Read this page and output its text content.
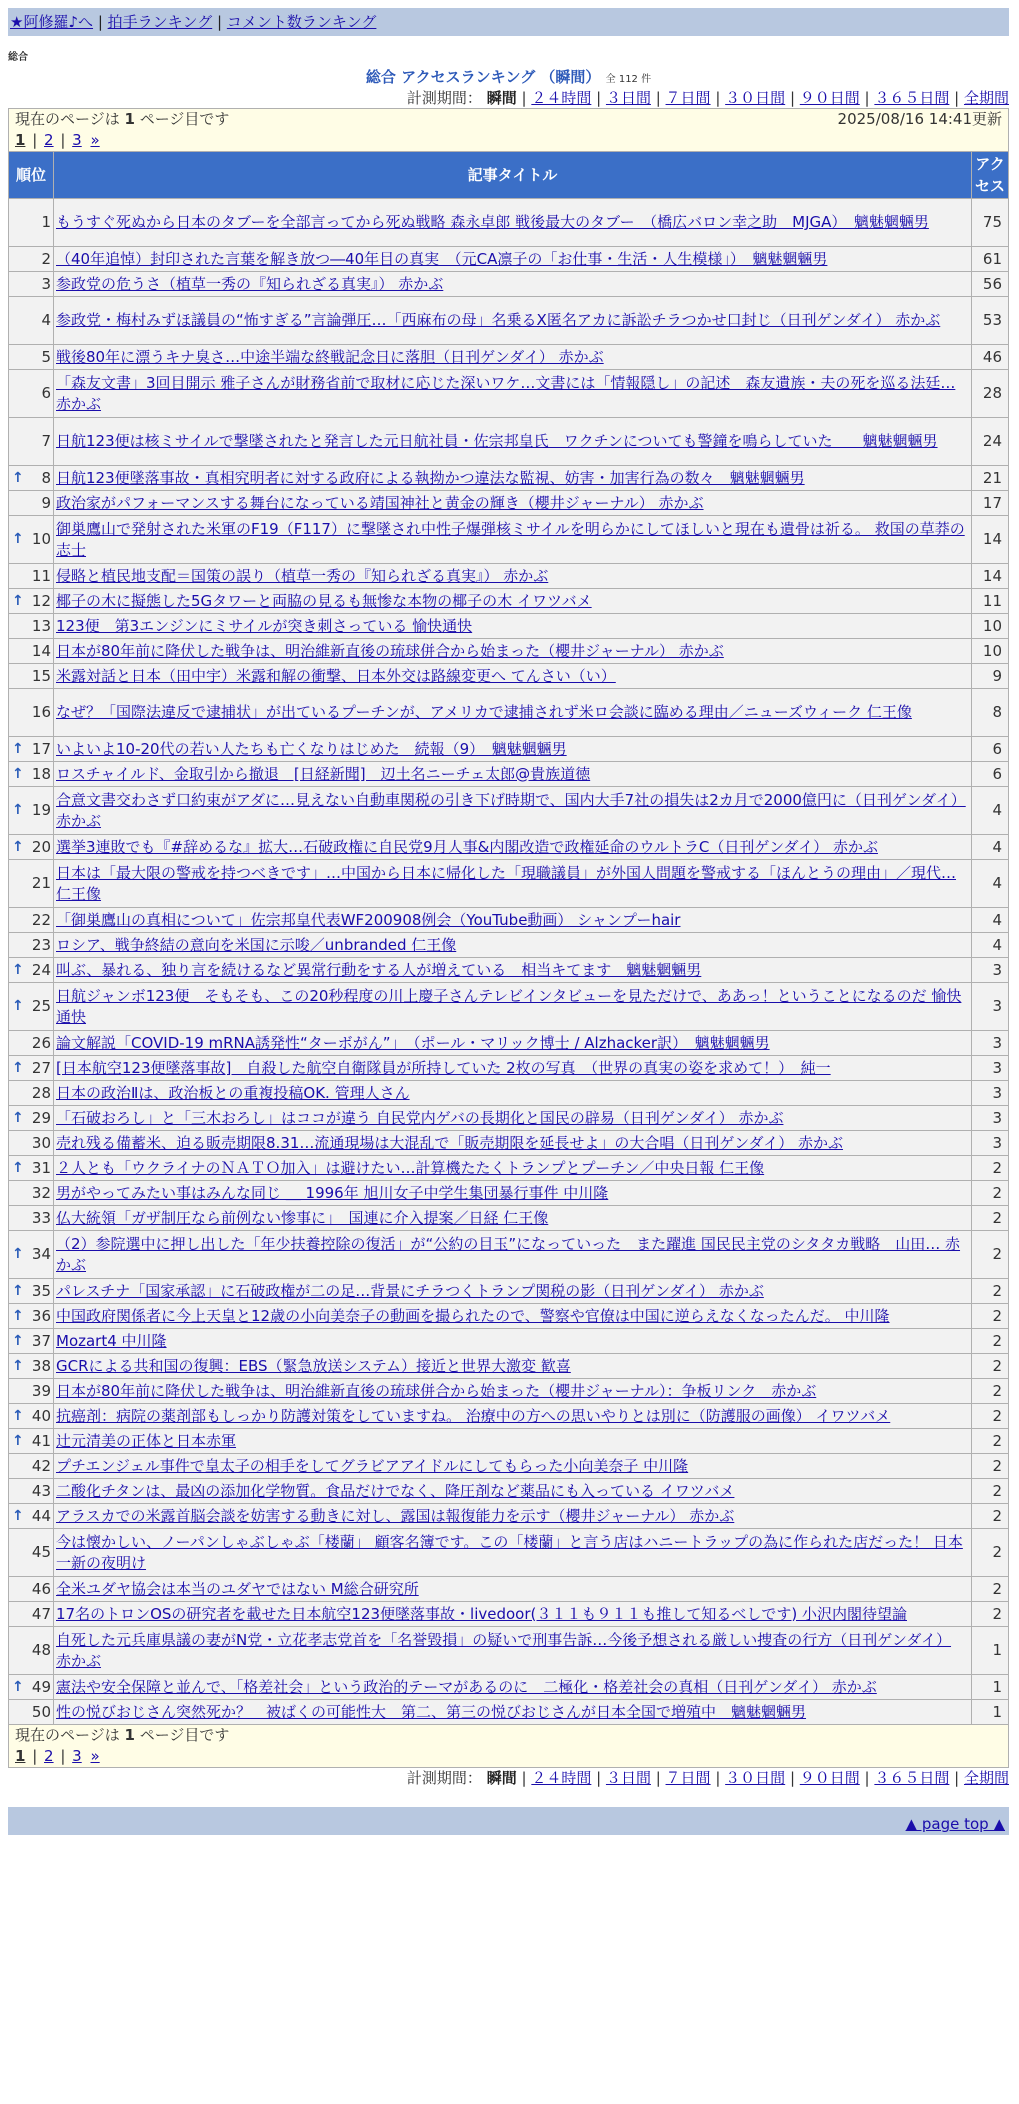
★阿修羅♪へ | 拍手ランキング | コメント数ランキング
総合
総合 アクセスランキング （瞬間） 全 112 件
計測期間： 瞬間 | ２４時間 | ３日間 | ７日間 | ３０日間 | ９０日間 | ３６５日間 | 全期間
現在のページは 1 ページ目です 2025/08/16 14:41更新
1 | 2 | 3 »		

順位	記事タイトル	アクセス
1	もうすぐ死ぬから日本のタブーを全部言ってから死ぬ戦略 森永卓郎 戦後最大のタブー　（橋広バロン幸之助　MJGA）　魑魅魍魎男	75
2	（40年追悼）封印された言葉を解き放つ―40年目の真実　（元CA凛子の「お仕事・生活・人生模様」）　魑魅魍魎男	61
3	参政党の危うさ（植草一秀の『知られざる真実』） 赤かぶ	56
4	参政党・梅村みずほ議員の“怖すぎる”言論弾圧…「西麻布の母」名乗るX匿名アカに訴訟チラつかせ口封じ（日刊ゲンダイ） 赤かぶ	53
5	戦後80年に漂うキナ臭さ…中途半端な終戦記念日に落胆（日刊ゲンダイ） 赤かぶ	46
6	「森友文書」3回目開示 雅子さんが財務省前で取材に応じた深いワケ…文書には「情報隠し」の記述　森友遺族・夫の死を巡る法廷… 赤かぶ	28
7	日航123便は核ミサイルで撃墜されたと発言した元日航社員・佐宗邦皇氏　ワクチンについても警鐘を鳴らしていた　　魑魅魍魎男	24

↑ 8	日航123便墜落事故・真相究明者に対する政府による執拗かつ違法な監視、妨害・加害行為の数々　魑魅魍魎男	21
9	政治家がパフォーマンスする舞台になっている靖国神社と黄金の輝き（櫻井ジャーナル） 赤かぶ	17

↑ 10	御巣鷹山で発射された米軍のF19（F117）に撃墜され中性子爆弾核ミサイルを明らかにしてほしいと現在も遺骨は祈る。 救国の草莽の志士	14
11	侵略と植民地支配＝国策の誤り（植草一秀の『知られざる真実』） 赤かぶ	14

↑ 12	椰子の木に擬態した5Gタワーと両脇の見るも無惨な本物の椰子の木 イワツバメ	11
13	123便　第3エンジンにミサイルが突き刺さっている 愉快通快	10
14	日本が80年前に降伏した戦争は、明治維新直後の琉球併合から始まった（櫻井ジャーナル） 赤かぶ	10
15	米露対話と日本（田中宇）米露和解の衝撃、日本外交は路線変更へ てんさい（い）	9
16	なぜ？「国際法違反で逮捕状」が出ているプーチンが、アメリカで逮捕されず米ロ会談に臨める理由／ニューズウィーク 仁王像	8

↑ 17	いよいよ10-20代の若い人たちも亡くなりはじめた　続報（9）　魑魅魍魎男	6

↑ 18	ロスチャイルド、金取引から撤退　[日経新聞]　辺土名ニーチェ太郎@貴族道徳	6

↑ 19	合意文書交わさず口約束がアダに…見えない自動車関税の引き下げ時期で、国内大手7社の損失は2カ月で2000億円に（日刊ゲンダイ） 赤かぶ	4

↑ 20	選挙3連敗でも『#辞めるな』拡大…石破政権に自民党9月人事&内閣改造で政権延命のウルトラC（日刊ゲンダイ） 赤かぶ	4
21	日本は「最大限の警戒を持つべきです」…中国から日本に帰化した「現職議員」が外国人問題を警戒する「ほんとうの理由」／現代… 仁王像	4
22	「御巣鷹山の真相について」佐宗邦皇代表WF200908例会（YouTube動画） シャンプーhair	4
23	ロシア、戦争終結の意向を米国に示唆／unbranded 仁王像	4

↑ 24	叫ぶ、暴れる、独り言を続けるなど異常行動をする人が増えている　相当キてます　魑魅魍魎男	3

↑ 25	日航ジャンボ123便　そもそも、この20秒程度の川上慶子さんテレビインタビューを見ただけで、ああっ！ということになるのだ 愉快通快	3
26	論文解説「COVID-19 mRNA誘発性“ターボがん”」　（ポール・マリック博士 / Alzhacker訳）　魑魅魍魎男	3

↑ 27	[日本航空123便墜落事故]　自殺した航空自衛隊員が所持していた 2枚の写真　（世界の真実の姿を求めて！）　純一	3
28	日本の政治Ⅱは、政治板との重複投稿OK. 管理人さん	3

↑ 29	「石破おろし」と「三木おろし」はココが違う 自民党内ゲバの長期化と国民の辟易（日刊ゲンダイ） 赤かぶ	3
30	売れ残る備蓄米、迫る販売期限8.31…流通現場は大混乱で「販売期限を延長せよ」の大合唱（日刊ゲンダイ） 赤かぶ	3

↑ 31	２人とも「ウクライナのＮＡＴＯ加入」は避けたい…計算機たたくトランプとプーチン／中央日報 仁王像	2
32	男がやってみたい事はみんな同じ ＿ 1996年 旭川女子中学生集団暴行事件 中川隆	2
33	仏大統領「ガザ制圧なら前例ない惨事に」　国連に介入提案／日経 仁王像	2

↑ 34	（2）参院選中に押し出した「年少扶養控除の復活」が“公約の目玉”になっていった　また躍進 国民民主党のシタタカ戦略　山田… 赤かぶ	2

↑ 35	パレスチナ「国家承認」に石破政権が二の足…背景にチラつくトランプ関税の影（日刊ゲンダイ） 赤かぶ	2

↑ 36	中国政府関係者に今上天皇と12歳の小向美奈子の動画を撮られたので、警察や官僚は中国に逆らえなくなったんだ。 中川隆	2

↑ 37	Mozart4 中川隆	2

↑ 38	GCRによる共和国の復興：EBS（緊急放送システム）接近と世界大激変 歓喜	2
39	日本が80年前に降伏した戦争は、明治維新直後の琉球併合から始まった（櫻井ジャーナル）：争板リンク　赤かぶ	2

↑ 40	抗癌剤：病院の薬剤部もしっかり防護対策をしていますね。 治療中の方への思いやりとは別に（防護服の画像） イワツバメ	2

↑ 41	辻元清美の正体と日本赤軍	2
42	プチエンジェル事件で皇太子の相手をしてグラビアアイドルにしてもらった小向美奈子 中川隆	2
43	二酸化チタンは、最凶の添加化学物質。食品だけでなく、降圧剤など薬品にも入っている イワツバメ	2

↑ 44	アラスカでの米露首脳会談を妨害する動きに対し、露国は報復能力を示す（櫻井ジャーナル） 赤かぶ	2
45	今は懐かしい、ノーパンしゃぶしゃぶ「楼蘭」 顧客名簿です。この「楼蘭」と言う店はハニートラップの為に作られた店だった！ 日本一新の夜明け	2
46	全米ユダヤ協会は本当のユダヤではない M総合研究所	2
47	17名のトロンOSの研究者を載せた日本航空123便墜落事故・livedoor(３１１も９１１も推して知るべしです) 小沢内閣待望論	2
48	自死した元兵庫県議の妻がN党・立花孝志党首を「名誉毀損」の疑いで刑事告訴…今後予想される厳しい捜査の行方（日刊ゲンダイ） 赤かぶ	1

↑ 49	憲法や安全保障と並んで、「格差社会」という政治的テーマがあるのに　二極化・格差社会の真相（日刊ゲンダイ） 赤かぶ	1
50	性の悦びおじさん突然死か？　被ばくの可能性大　第二、第三の悦びおじさんが日本全国で増殖中　魑魅魍魎男	1

現在のページは 1 ページ目です
1 | 2 | 3 »		
計測期間： 瞬間 | ２４時間 | ３日間 | ７日間 | ３０日間 | ９０日間 | ３６５日間 | 全期間
▲ page top ▲
